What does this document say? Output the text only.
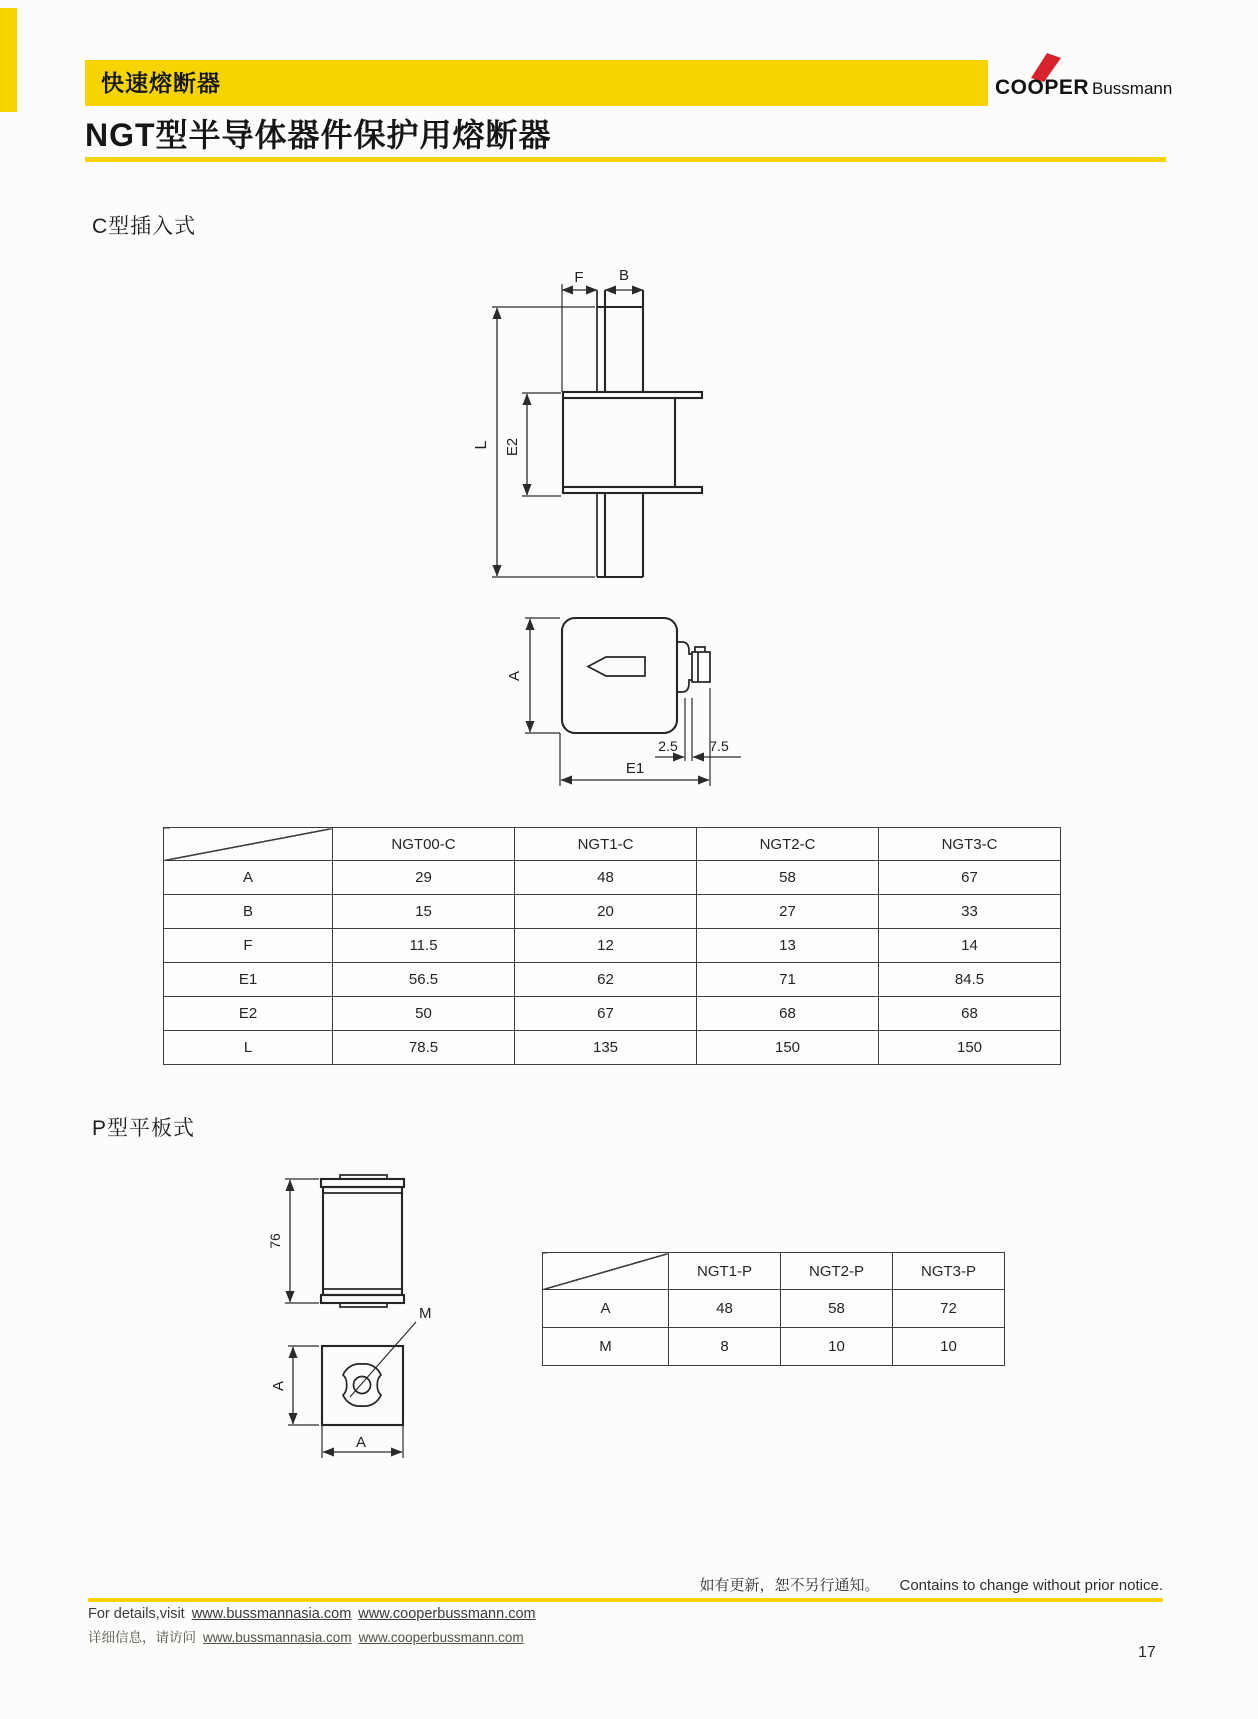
快速熔断器	COOPER Bussmann
NGT型半导体器件保护用熔断器
C型插入式
F B
L E2
A
2.5 7.5
E1
	NGT00-C	NGT1-C	NGT2-C	NGT3-C
A	29	48	58	67
B	15	20	27	33
F	11.5	12	13	14
E1	56.5	62	71	84.5
E2	50	67	68	68
L	78.5	135	150	150
P型平板式
76
M
A
A
	NGT1-P	NGT2-P	NGT3-P
A	48	58	72
M	8	10	10
如有更新，恕不另行通知。 Contains to change without prior notice.
For details,visit www.bussmannasia.com www.cooperbussmann.com
详细信息，请访问 www.bussmannasia.com www.cooperbussmann.com
17
